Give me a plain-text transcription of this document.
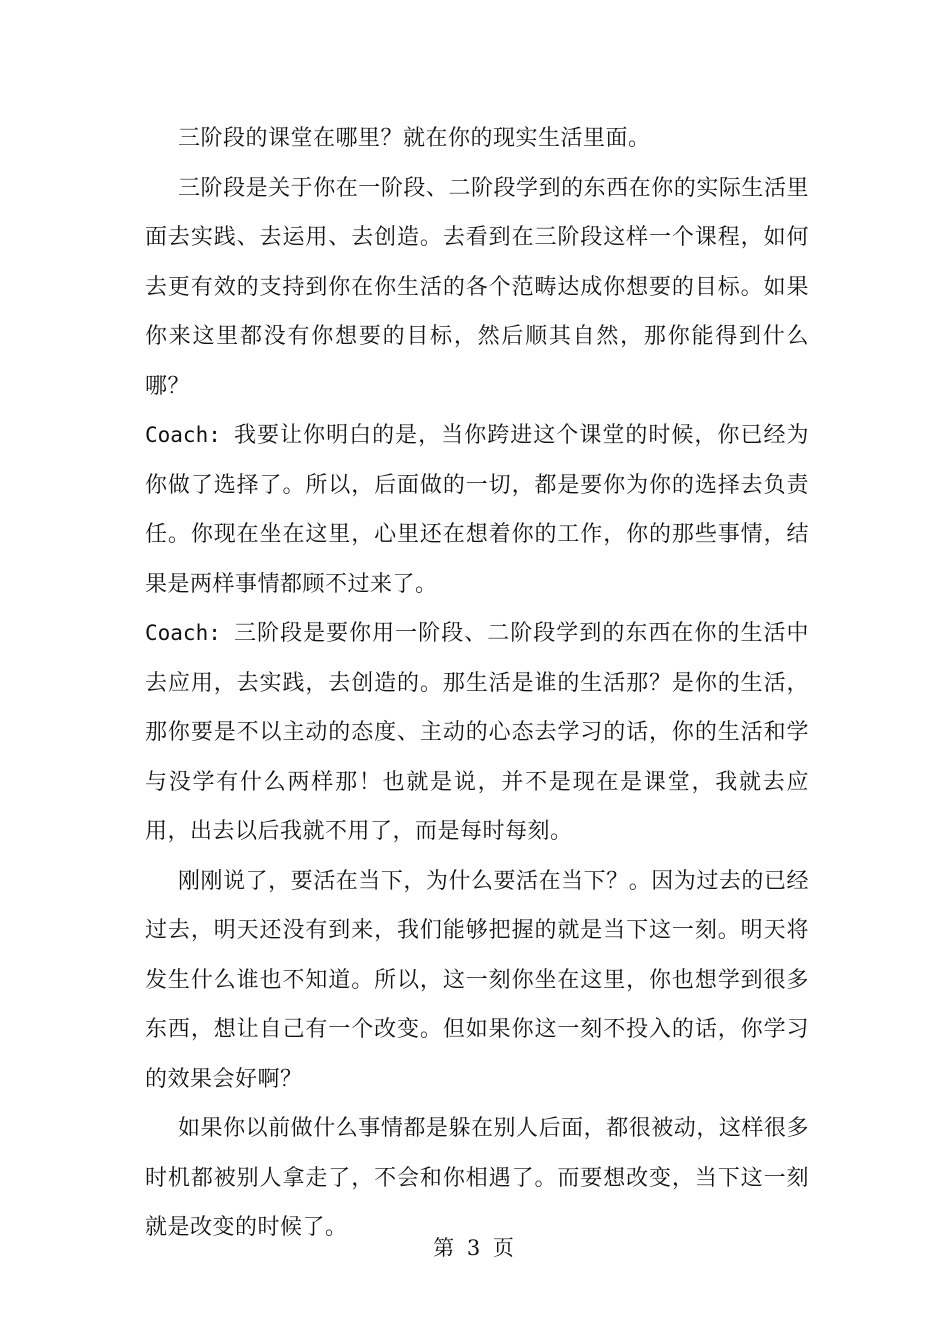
三阶段的课堂在哪里？就在你的现实生活里面。

三阶段是关于你在一阶段、二阶段学到的东西在你的实际生活里面去实践、去运用、去创造。去看到在三阶段这样一个课程，如何去更有效的支持到你在你生活的各个范畴达成你想要的目标。如果你来这里都没有你想要的目标，然后顺其自然，那你能得到什么哪？

Coach: 我要让你明白的是，当你跨进这个课堂的时候，你已经为你做了选择了。所以，后面做的一切，都是要你为你的选择去负责任。你现在坐在这里，心里还在想着你的工作，你的那些事情，结果是两样事情都顾不过来了。

Coach: 三阶段是要你用一阶段、二阶段学到的东西在你的生活中去应用，去实践，去创造的。那生活是谁的生活那？是你的生活，那你要是不以主动的态度、主动的心态去学习的话，你的生活和学与没学有什么两样那！也就是说，并不是现在是课堂，我就去应用，出去以后我就不用了，而是每时每刻。

刚刚说了，要活在当下，为什么要活在当下？。因为过去的已经过去，明天还没有到来，我们能够把握的就是当下这一刻。明天将发生什么谁也不知道。所以，这一刻你坐在这里，你也想学到很多东西，想让自己有一个改变。但如果你这一刻不投入的话，你学习的效果会好啊？

如果你以前做什么事情都是躲在别人后面，都很被动，这样很多时机都被别人拿走了，不会和你相遇了。而要想改变，当下这一刻就是改变的时候了。

第 3 页
